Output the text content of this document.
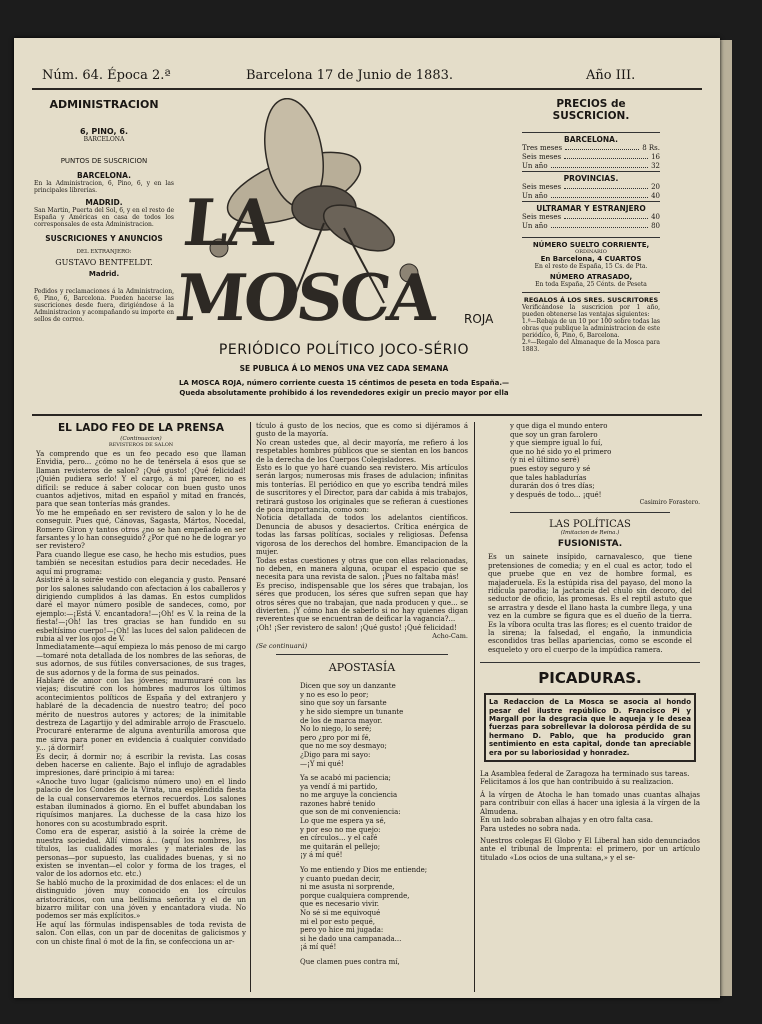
Núm. 64. Época 2.ª	Barcelona 17 de Junio de 1883.	Año III.
ADMINISTRACION
6, PINO, 6.
BARCELONA
PUNTOS DE SUSCRICION
BARCELONA.

En la Administracion, 6, Pino, 6, y en las principales librerías.

MADRID.

San Martin, Puerta del Sol, 6, y en el resto de España y Américas en casa de todos los corresponsales de esta Administracion.

SUSCRICIONES Y ANUNCIOS
DEL EXTRANJERO:
GUSTAVO BENTFELDT.
Madrid.

Pedidos y reclamaciones á la Administracion, 6, Pino, 6, Barcelona. Pueden hacerse las suscriciones desde fuera, dirigiéndose á la Administracion y acompañando su importe en sellos de correo.

LA MOSCA	ROJA
PERIÓDICO POLÍTICO JOCO-SÉRIO
SE PUBLICA Á LO MENOS UNA VEZ CADA SEMANA
LA MOSCA ROJA, número corriente cuesta 15 céntimos de peseta en toda España.— Queda absolutamente prohibido á los revendedores exigir un precio mayor por ella
PRECIOS de SUSCRICION.
BARCELONA.
Tres meses	8 Rs.
Seis meses	16
Un año	32
PROVINCIAS.
Seis meses	20
Un año	40
ULTRAMAR Y ESTRANJERO
Seis meses	40
Un año	80
NÚMERO SUELTO CORRIENTE,
ORDINARIO
En Barcelona, 4 CUARTOS
En el resto de España, 15 Cs. de Pta.
NÚMERO ATRASADO,
En toda España, 25 Cénts. de Peseta
REGALOS Á LOS SRES. SUSCRITORES

Verificándose la suscricion por 1 año, pueden obtenerse las ventajas siguientes:

1.º—Rebaja de un 10 por 100 sobre todas las obras que publique la administracion de este periódico, 6, Pino, 6, Barcelona.

2.º—Regalo del Almanaque de la Mosca para 1883.

EL LADO FEO DE LA PRENSA
(Continuacion)
REVISTEROS DE SALON

Ya comprendo que es un feo pecado eso que llaman Envidia, pero... ¿cómo no he de tenérsela á esos que se llaman revisteros de salon? ¡Qué gusto! ¡Qué felicidad! ¡Quién pudiera serlo! Y el cargo, á mi parecer, no es difícil: se reduce á saber colocar con buen gusto unos cuantos adjetivos, mitad en español y mitad en francés, para que sean tonterías más grandes.

Yo me he empeñado en ser revistero de salon y lo he de conseguir. Pues qué, Cánovas, Sagasta, Mártos, Nocedal, Romero Giron y tantos otros ¿no se han empeñado en ser farsantes y lo han conseguido? ¿Por qué no he de lograr yo ser revistero?

Para cuando llegue ese caso, he hecho mis estudios, pues también se necesitan estudios para decir necedades. He aquí mi programa:

Asistiré á la soirée vestido con elegancia y gusto. Pensaré por los salones saludando con afectacion á los caballeros y dirigiendo cumplidos á las damas. En estos cumplidos daré el mayor número posible de sandeces, como, por ejemplo:—¡Está V. encantadora!—¡Oh! es V. la reina de la fiesta!—¡Oh! las tres gracias se han fundido en su esbeltísimo cuerpo!—¡Oh! las luces del salon palidecen de rubia al ver los ojos de V.

Inmediatamente—aquí empieza lo más penoso de mi cargo—tomaré nota detallada de los nombres de las señoras, de sus adornos, de sus fútiles conversaciones, de sus trages, de sus adornos y de la forma de sus peinados.

Hablaré de amor con las jóvenes; murmuraré con las viejas; discutiré con los hombres maduros los últimos acontecimientos políticos de España y del extranjero y hablaré de la decadencia de nuestro teatro; del poco mérito de nuestros autores y actores; de la inimitable destreza de Lagartijo y del admirable arrojo de Frascuelo. Procuraré enterarme de alguna aventurilla amorosa que me sirva para poner en evidencia á cualquier convidado y... ¡á dormir!

Es decir, á dormir no; á escribir la revista. Las cosas deben hacerse en caliente. Bajo el influjo de agradables impresiones, daré principio á mi tarea:

«Anoche tuvo lugar (galicismo número uno) en el lindo palacio de los Condes de la Virata, una espléndida fiesta de la cual conservaremos eternos recuerdos. Los salones estaban iluminados á giorno. En el buffet abundaban los riquísimos manjares. La duchesse de la casa hizo los honores con su acostumbrado esprit.

Como era de esperar, asistió á la soirée la crème de nuestra sociedad. Allí vimos á... (aquí los nombres, los títulos, las cualidades morales y materiales de las personas—por supuesto, las cualidades buenas, y si no existen se inventan—el color y forma de los trages, el valor de los adornos etc. etc.)

Se habló mucho de la proximidad de dos enlaces: el de un distinguido jóven muy conocido en los círculos aristocráticos, con una bellísima señorita y el de un bizarro militar con una jóven y encantadora viuda. No podemos ser más explícitos.»

He aquí las fórmulas indispensables de toda revista de salon. Con ellas, con un par de docenitas de galicismos y con un chiste final ó mot de la fin, se confecciona un ar-

tículo á gusto de los necios, que es como si dijéramos á gusto de la mayoría.

No crean ustedes que, al decir mayoría, me refiero á los respetables hombres públicos que se sientan en los bancos de la derecha de los Cuerpos Colegisladores.

Esto es lo que yo haré cuando sea revistero. Mis artículos serán largos; numerosas mis frases de adulacion; infinitas mis tonterías. El periódico en que yo escriba tendrá miles de suscritores y el Director, para dar cabida á mis trabajos, retirará gustoso los originales que se refieran á cuestiones de poca importancia, como son:

Noticia detallada de todos los adelantos científicos. Denuncia de abusos y desaciertos. Crítica enérgica de todas las farsas políticas, sociales y religiosas. Defensa vigorosa de los derechos del hombre. Emancipacion de la mujer.

Todas estas cuestiones y otras que con ellas relacionadas, no deben, en manera alguna, ocupar el espacio que se necesita para una revista de salon. ¡Pues no faltaba más!

Es preciso, indispensable que los séres que trabajan, los séres que producen, los séres que sufren sepan que hay otros séres que no trabajan, que nada producen y que... se divierten. ¡Y cómo han de saberlo si no hay quienes digan reverentes que se encuentran de deificar la vagancia?...

¡Oh! ¡Ser revistero de salon! ¡Qué gusto! ¡Qué felicidad!

Acho-Cam.
(Se continuará)
APOSTASÍA

Dicen que soy un danzante

y no es eso lo peor;

sino que soy un farsante

y he sido siempre un tunante

de los de marca mayor.

No lo niego, lo seré;

pero ¿pro por mi fé,

que no me soy desmayo;

¿Digo para mi sayo:

—¡Y mi qué!

Ya se acabó mi paciencia;

ya vendí á mi partido,

no me arguye la conciencia

razones habré tenido

que son de mi conveniencia:

Lo que me espera ya sé,

y por eso no me quejo:

en círculos... y el café

me quitarán el pellejo;

¡y á mí qué!

Yo me entiendo y Dios me entiende;

y cuanto puedan decir,

ni me asusta ni sorprende,

porque cualquiera comprende,

que es necesario vivir.

No sé si me equivoqué

mi el por esto pequé,

pero yo hice mi jugada:

si he dado una campanada...

¡á mí qué!

Que clamen pues contra mí,

y que diga el mundo entero

que soy un gran farolero

y que siempre igual lo fuí,

que no hé sido yo el primero

(y ni el último seré)

pues estoy seguro y sé

que tales habladurías

durarán dos ó tres días;

y después de todo... ¡qué!

Casimiro Forastero.
LAS POLÍTICAS
(Imitacion de Reina.)
FUSIONISTA.

Es un sainete insípido, carnavalesco, que tiene pretensiones de comedia; y en el cual es actor, todo el que pruebe que en vez de hombre formal, es majaderuela. Es la estúpida risa del payaso, del mono la ridícula parodia; la jactancia del chulo sin decoro, del seductor de oficio, las promesas. Es el reptil astuto que se arrastra y desde el llano hasta la cumbre llega, y una vez en la cumbre se figura que es el dueño de la tierra. Es la víbora oculta tras las flores; es el cuento traidor de la sirena; la falsedad, el engaño, la inmundicia escondidos tras bellas apariencias, como se esconde el esqueleto y oro el cuerpo de la impúdica ramera.

PICADURAS.

La Redaccion de La Mosca se asocia al hondo pesar del ilustre repúblico D. Francisco Pi y Margall por la desgracia que le aqueja y le desea fuerzas para sobrellevar la dolorosa pérdida de su hermano D. Pablo, que ha producido gran sentimiento en esta capital, donde tan apreciable era por su laboriosidad y honradez.

La Asamblea federal de Zaragoza ha terminado sus tareas.

Felicitamos á los que han contribuido á su realizacion.

Á la vírgen de Atocha le han tomado unas cuantas alhajas para contribuir con ellas á hacer una iglesia á la vírgen de la Almudena.

En un lado sobraban alhajas y en otro falta casa.

Para ustedes no sobra nada.

Nuestros colegas El Globo y El Liberal han sido denunciados ante el tribunal de Imprenta: el primero, por un artículo titulado «Los ocios de una sultana,» y el se-
